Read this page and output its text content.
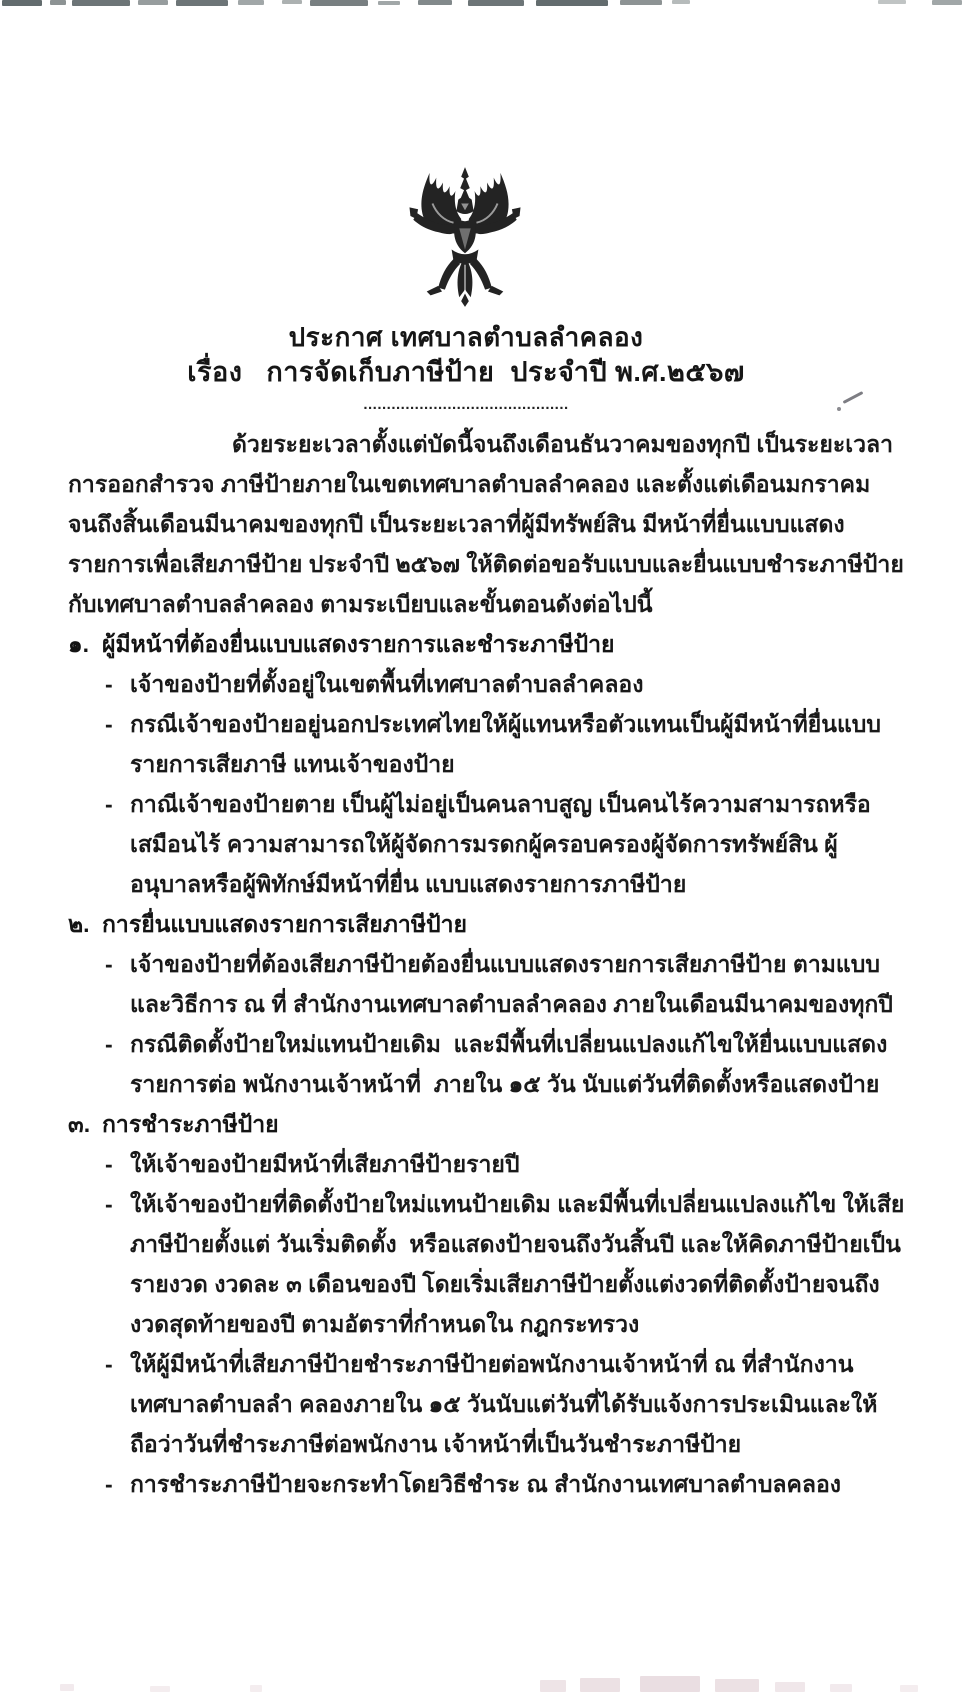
ประกาศ เทศบาลตำบลลำคลอง
เรื่อง   การจัดเก็บภาษีป้าย  ประจำปี พ.ศ.๒๕๖๗
............................................

ด้วยระยะเวลาตั้งแต่บัดนี้จนถึงเดือนธันวาคมของทุกปี เป็นระยะเวลาการออกสำรวจ ภาษีป้ายภายในเขตเทศบาลตำบลลำคลอง และตั้งแต่เดือนมกราคมจนถึงสิ้นเดือนมีนาคมของทุกปี เป็นระยะเวลาที่ผู้มีทรัพย์สิน มีหน้าที่ยื่นแบบแสดงรายการเพื่อเสียภาษีป้าย ประจำปี ๒๕๖๗ ให้ติดต่อขอรับแบบและยื่นแบบชำระภาษีป้ายกับเทศบาลตำบลลำคลอง ตามระเบียบและขั้นตอนดังต่อไปนี้

๑. ผู้มีหน้าที่ต้องยื่นแบบแสดงรายการและชำระภาษีป้าย
- เจ้าของป้ายที่ตั้งอยู่ในเขตพื้นที่เทศบาลตำบลลำคลอง
- กรณีเจ้าของป้ายอยู่นอกประเทศไทยให้ผู้แทนหรือตัวแทนเป็นผู้มีหน้าที่ยื่นแบบรายการเสียภาษี แทนเจ้าของป้าย
- กาณีเจ้าของป้ายตาย เป็นผู้ไม่อยู่เป็นคนลาบสูญ เป็นคนไร้ความสามารถหรือเสมือนไร้ ความสามารถให้ผู้จัดการมรดกผู้ครอบครองผู้จัดการทรัพย์สิน ผู้อนุบาลหรือผู้พิทักษ์มีหน้าที่ยื่น แบบแสดงรายการภาษีป้าย
๒. การยื่นแบบแสดงรายการเสียภาษีป้าย
- เจ้าของป้ายที่ต้องเสียภาษีป้ายต้องยื่นแบบแสดงรายการเสียภาษีป้าย ตามแบบและวิธีการ ณ ที่ สำนักงานเทศบาลตำบลลำคลอง ภายในเดือนมีนาคมของทุกปี
- กรณีติดตั้งป้ายใหม่แทนป้ายเดิม  และมีพื้นที่เปลี่ยนแปลงแก้ไขให้ยื่นแบบแสดงรายการต่อ พนักงานเจ้าหน้าที่  ภายใน ๑๕ วัน นับแต่วันที่ติดตั้งหรือแสดงป้าย
๓. การชำระภาษีป้าย
- ให้เจ้าของป้ายมีหน้าที่เสียภาษีป้ายรายปี
- ให้เจ้าของป้ายที่ติดตั้งป้ายใหม่แทนป้ายเดิม และมีพื้นที่เปลี่ยนแปลงแก้ไข ให้เสียภาษีป้ายตั้งแต่ วันเริ่มติดตั้ง  หรือแสดงป้ายจนถึงวันสิ้นปี และให้คิดภาษีป้ายเป็นรายงวด งวดละ ๓ เดือนของปี โดยเริ่มเสียภาษีป้ายตั้งแต่งวดที่ติดตั้งป้ายจนถึงงวดสุดท้ายของปี ตามอัตราที่กำหนดใน กฎกระทรวง
- ให้ผู้มีหน้าที่เสียภาษีป้ายชำระภาษีป้ายต่อพนักงานเจ้าหน้าที่ ณ ที่สำนักงานเทศบาลตำบลลำ คลองภายใน ๑๕ วันนับแต่วันที่ได้รับแจ้งการประเมินและให้ถือว่าวันที่ชำระภาษีต่อพนักงาน เจ้าหน้าที่เป็นวันชำระภาษีป้าย
- การชำระภาษีป้ายจะกระทำโดยวิธีชำระ ณ สำนักงานเทศบาลตำบลคลอง
